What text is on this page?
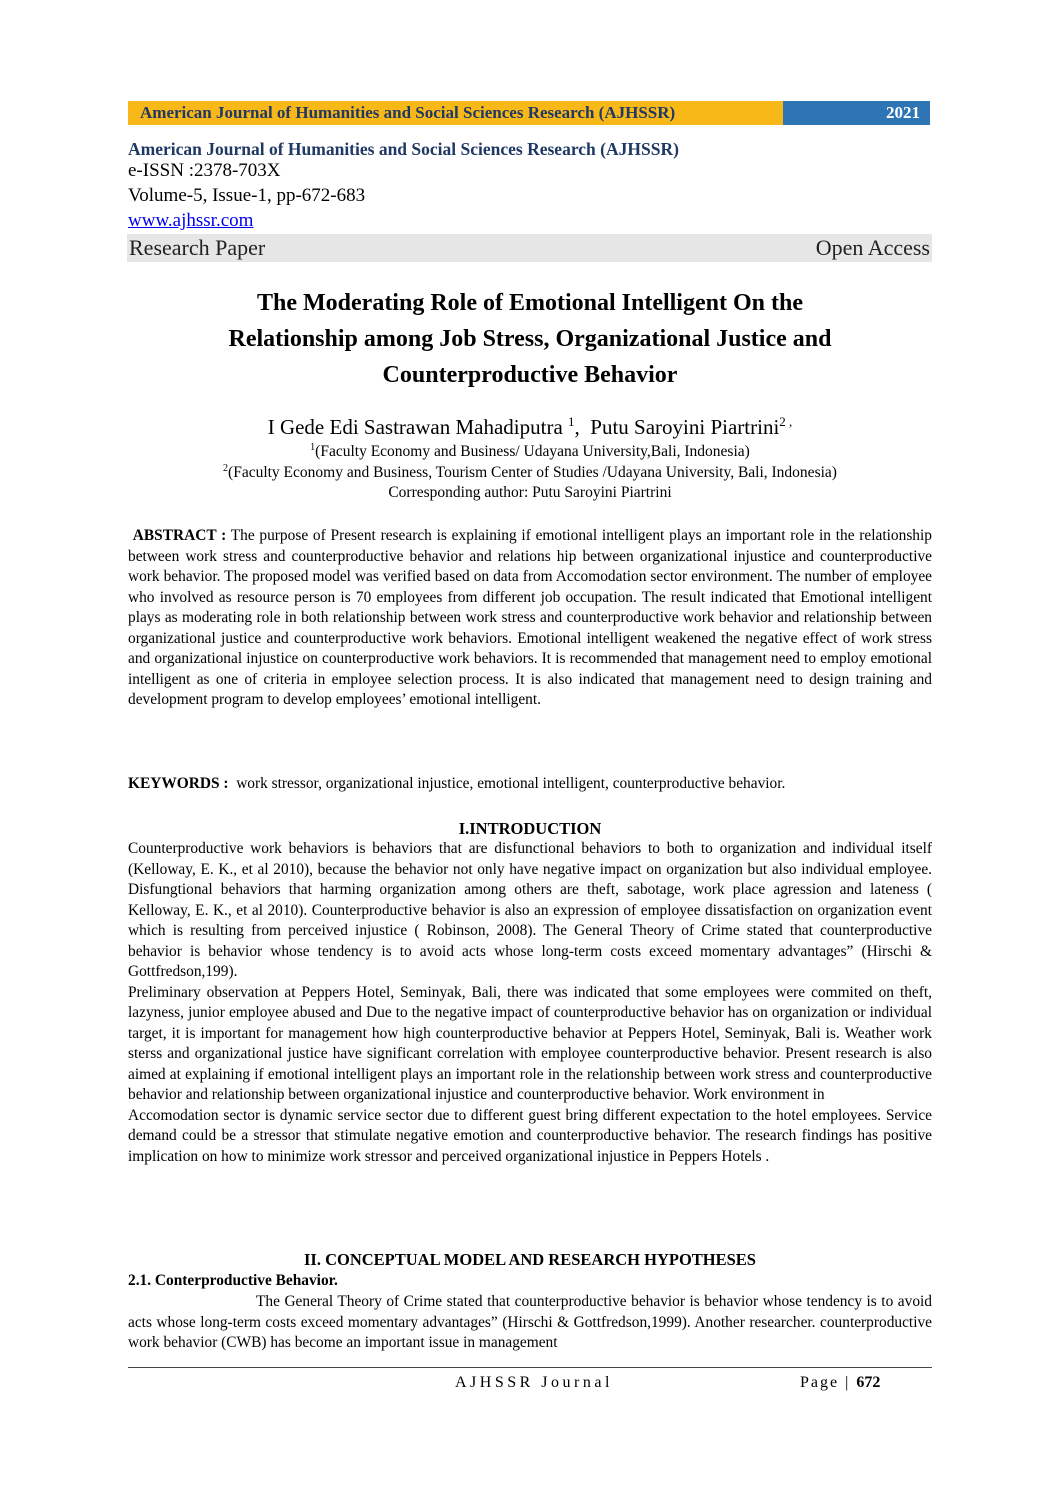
American Journal of Humanities and Social Sciences Research (AJHSSR)	2021
American Journal of Humanities and Social Sciences Research (AJHSSR)
e-ISSN :2378-703X
Volume-5, Issue-1, pp-672-683
www.ajhssr.com
Research Paper	Open Access
The Moderating Role of Emotional Intelligent On the
Relationship among Job Stress, Organizational Justice and
Counterproductive Behavior
I Gede Edi Sastrawan Mahadiputra $^1$, Putu Saroyini Piartrini$^{2 ,}$
$^1$(Faculty Economy and Business/ Udayana University,Bali, Indonesia)
$^2$(Faculty Economy and Business, Tourism Center of Studies /Udayana University, Bali, Indonesia)
Corresponding author: Putu Saroyini Piartrini

ABSTRACT : The purpose of Present research is explaining if emotional intelligent plays an important role in the relationship between work stress and counterproductive behavior and relations hip between organizational injustice and counterproductive work behavior. The proposed model was verified based on data from Accomodation sector environment. The number of employee who involved as resource person is 70 employees from different job occupation. The result indicated that Emotional intelligent plays as moderating role in both relationship between work stress and counterproductive work behavior and relationship between organizational justice and counterproductive work behaviors. Emotional intelligent weakened the negative effect of work stress and organizational injustice on counterproductive work behaviors. It is recommended that management need to employ emotional intelligent as one of criteria in employee selection process. It is also indicated that management need to design training and development program to develop employees’ emotional intelligent.

KEYWORDS : work stressor, organizational injustice, emotional intelligent, counterproductive behavior.

I.INTRODUCTION

Counterproductive work behaviors is behaviors that are disfunctional behaviors to both to organization and individual itself (Kelloway, E. K., et al 2010), because the behavior not only have negative impact on organization but also individual employee. Disfungtional behaviors that harming organization among others are theft, sabotage, work place agression and lateness ( Kelloway, E. K., et al 2010). Counterproductive behavior is also an expression of employee dissatisfaction on organization event which is resulting from perceived injustice ( Robinson, 2008). The General Theory of Crime stated that counterproductive behavior is behavior whose tendency is to avoid acts whose long-term costs exceed momentary advantages” (Hirschi & Gottfredson,199).

Preliminary observation at Peppers Hotel, Seminyak, Bali, there was indicated that some employees were commited on theft, lazyness, junior employee abused and Due to the negative impact of counterproductive behavior has on organization or individual target, it is important for management how high counterproductive behavior at Peppers Hotel, Seminyak, Bali is. Weather work sterss and organizational justice have significant correlation with employee counterproductive behavior. Present research is also aimed at explaining if emotional intelligent plays an important role in the relationship between work stress and counterproductive behavior and relationship between organizational injustice and counterproductive behavior. Work environment in

Accomodation sector is dynamic service sector due to different guest bring different expectation to the hotel employees. Service demand could be a stressor that stimulate negative emotion and counterproductive behavior. The research findings has positive implication on how to minimize work stressor and perceived organizational injustice in Peppers Hotels .

II. CONCEPTUAL MODEL AND RESEARCH HYPOTHESES
2.1. Conterproductive Behavior.

The General Theory of Crime stated that counterproductive behavior is behavior whose tendency is to avoid acts whose long-term costs exceed momentary advantages” (Hirschi & Gottfredson,1999). Another researcher. counterproductive work behavior (CWB) has become an important issue in management

AJHSSR Journal	Page | 672
